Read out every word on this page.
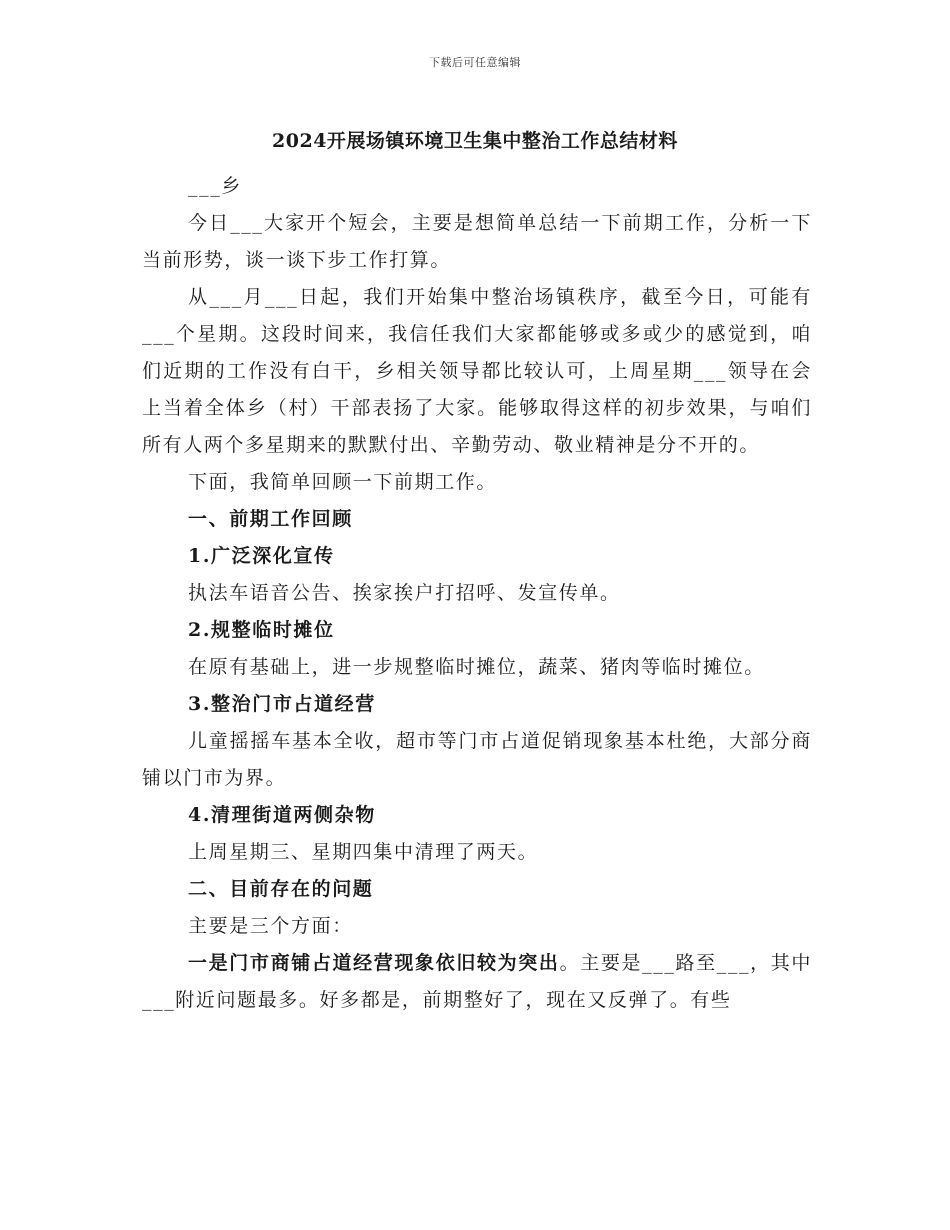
下载后可任意编辑
2024开展场镇环境卫生集中整治工作总结材料

___乡

今日___大家开个短会，主要是想简单总结一下前期工作，分析一下当前形势，谈一谈下步工作打算。

从___月___日起，我们开始集中整治场镇秩序，截至今日，可能有___个星期。这段时间来，我信任我们大家都能够或多或少的感觉到，咱们近期的工作没有白干，乡相关领导都比较认可，上周星期___领导在会上当着全体乡（村）干部表扬了大家。能够取得这样的初步效果，与咱们所有人两个多星期来的默默付出、辛勤劳动、敬业精神是分不开的。

下面，我简单回顾一下前期工作。

一、前期工作回顾

1.广泛深化宣传

执法车语音公告、挨家挨户打招呼、发宣传单。

2.规整临时摊位

在原有基础上，进一步规整临时摊位，蔬菜、猪肉等临时摊位。

3.整治门市占道经营

儿童摇摇车基本全收，超市等门市占道促销现象基本杜绝，大部分商铺以门市为界。

4.清理街道两侧杂物

上周星期三、星期四集中清理了两天。

二、目前存在的问题

主要是三个方面：

一是门市商铺占道经营现象依旧较为突出。主要是___路至___，其中___附近问题最多。好多都是，前期整好了，现在又反弹了。有些
